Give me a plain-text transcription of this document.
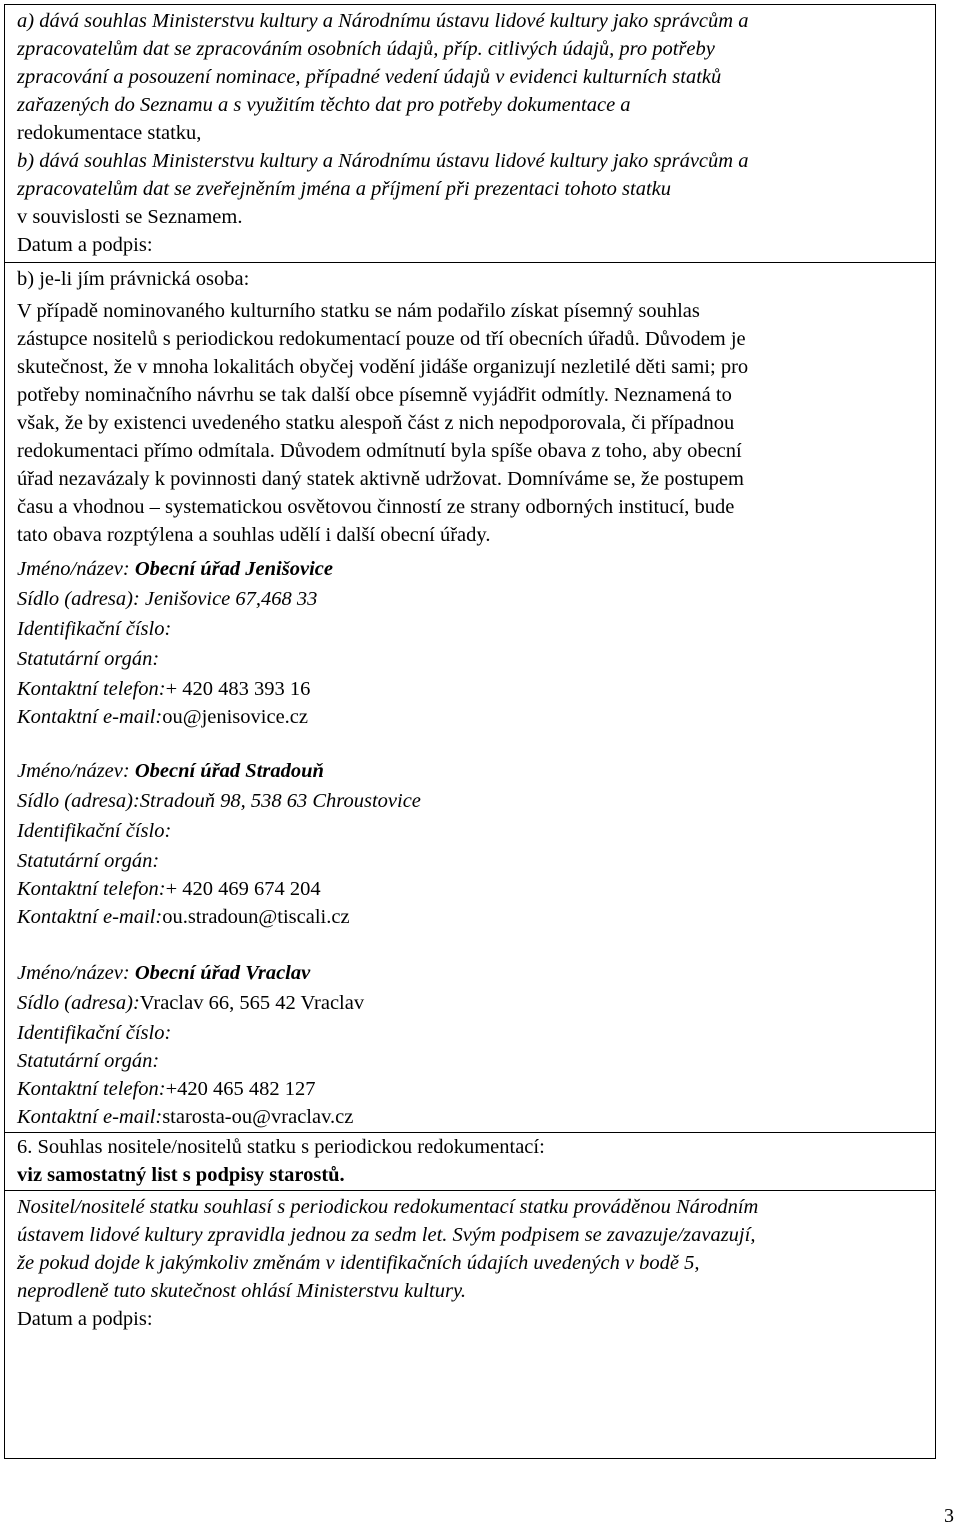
a) dává souhlas Ministerstvu kultury a Národnímu ústavu lidové kultury jako správcům a
zpracovatelům dat se zpracováním osobních údajů, příp. citlivých údajů, pro potřeby
zpracování a posouzení nominace, případné vedení údajů v evidenci kulturních statků
zařazených do Seznamu a s využitím těchto dat pro potřeby dokumentace a
redokumentace statku,
b) dává souhlas Ministerstvu kultury a Národnímu ústavu lidové kultury jako správcům a
zpracovatelům dat se zveřejněním jména a příjmení při prezentaci tohoto statku
v souvislosti se Seznamem.
Datum a podpis:
b) je-li jím právnická osoba:
V případě nominovaného kulturního statku se nám podařilo získat písemný souhlas
zástupce nositelů s periodickou redokumentací pouze od tří obecních úřadů. Důvodem je
skutečnost, že v mnoha lokalitách obyčej vodění jidáše organizují nezletilé děti sami; pro
potřeby nominačního návrhu se tak další obce písemně vyjádřit odmítly. Neznamená to
však, že by existenci uvedeného statku alespoň část z nich nepodporovala, či případnou
redokumentaci přímo odmítala. Důvodem odmítnutí byla spíše obava z toho, aby obecní
úřad nezavázaly k povinnosti daný statek aktivně udržovat. Domníváme se, že postupem
času a vhodnou – systematickou osvětovou činností ze strany odborných institucí, bude
tato obava rozptýlena a souhlas udělí i další obecní úřady.
Jméno/název: Obecní úřad Jenišovice
Sídlo (adresa): Jenišovice 67,468 33
Identifikační číslo:
Statutární orgán:
Kontaktní telefon:+ 420 483 393 16
Kontaktní e-mail:ou@jenisovice.cz
Jméno/název: Obecní úřad Stradouň
Sídlo (adresa):Stradouň 98, 538 63 Chroustovice
Identifikační číslo:
Statutární orgán:
Kontaktní telefon:+ 420 469 674 204
Kontaktní e-mail:ou.stradoun@tiscali.cz
Jméno/název: Obecní úřad Vraclav
Sídlo (adresa):Vraclav 66, 565 42 Vraclav
Identifikační číslo:
Statutární orgán:
Kontaktní telefon:+420 465 482 127
Kontaktní e-mail:starosta-ou@vraclav.cz
6. Souhlas nositele/nositelů statku s periodickou redokumentací:
viz samostatný list s podpisy starostů.
Nositel/nositelé statku souhlasí s periodickou redokumentací statku prováděnou Národním
ústavem lidové kultury zpravidla jednou za sedm let. Svým podpisem se zavazuje/zavazují,
že pokud dojde k jakýmkoliv změnám v identifikačních údajích uvedených v bodě 5,
neprodleně tuto skutečnost ohlásí Ministerstvu kultury.
Datum a podpis:
3
